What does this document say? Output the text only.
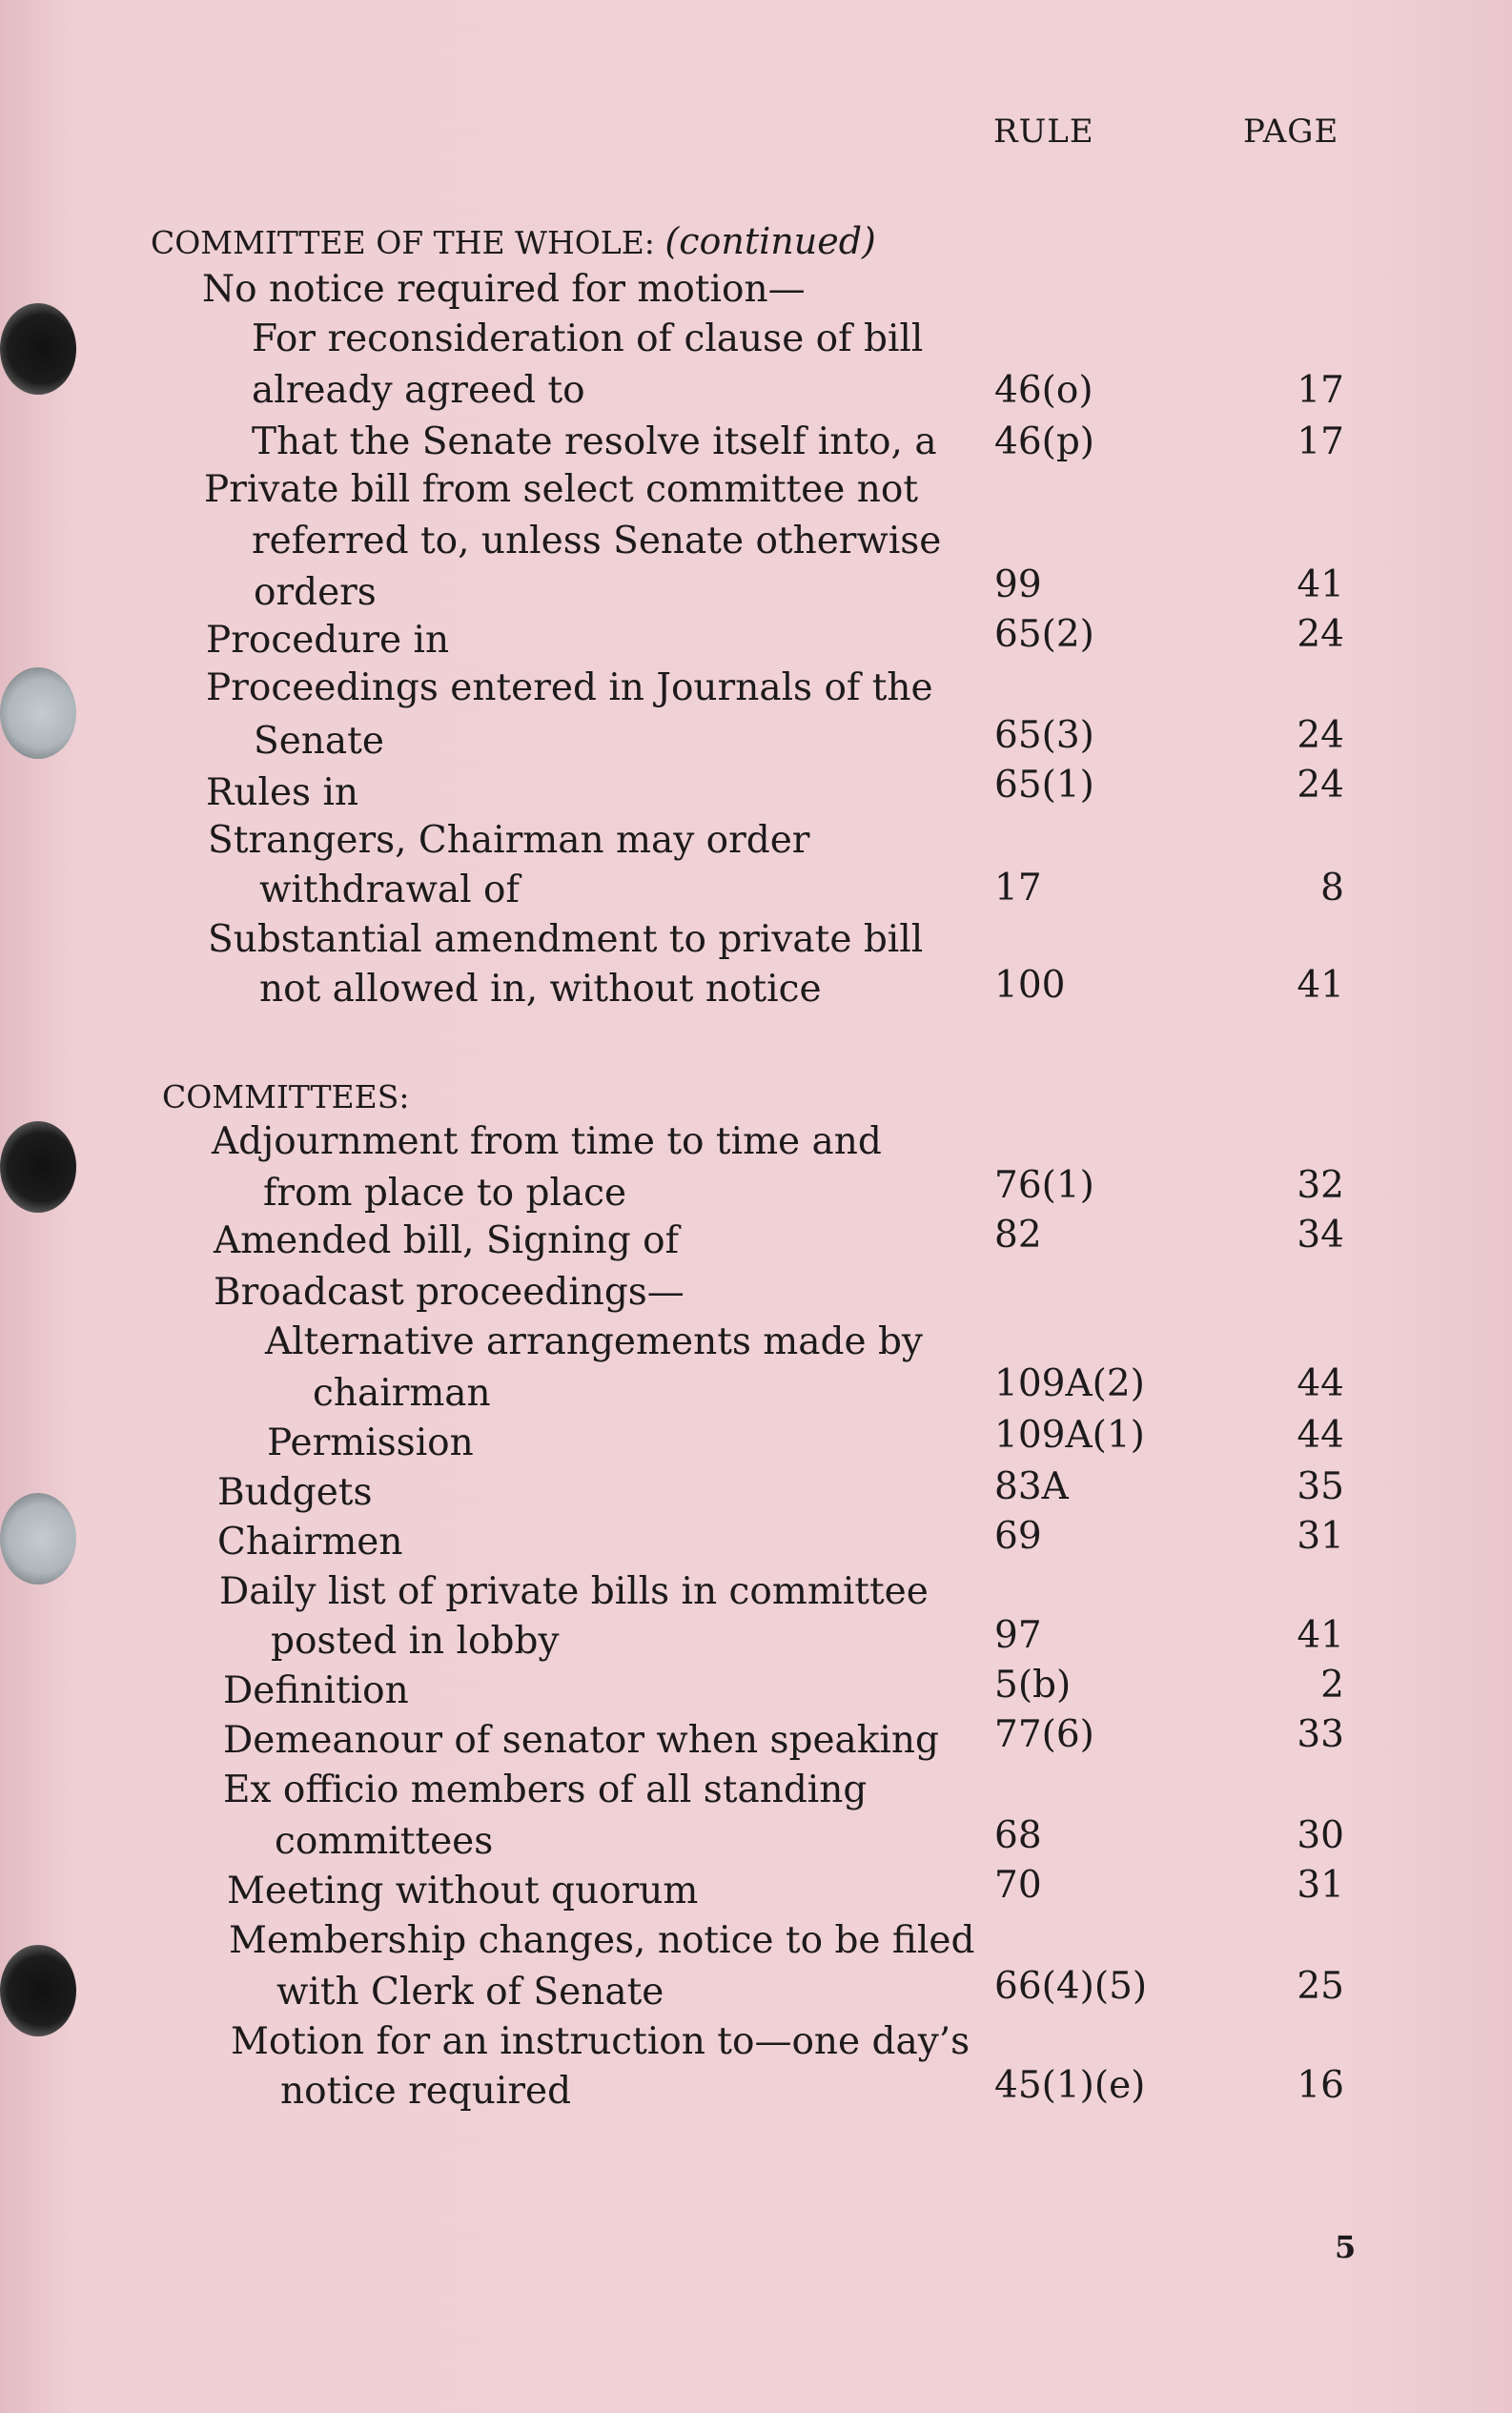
RULE	PAGE
COMMITTEE OF THE WHOLE: (continued)
No notice required for motion—
For reconsideration of clause of bill
already agreed to	46(o)	17
That the Senate resolve itself into, a 46(p)	17
Private bill from select committee not
referred to, unless Senate otherwise
orders	99	41
Procedure in	65(2)	24
Proceedings entered in Journals of the
Senate	65(3)	24
Rules in	65(1)	24
Strangers, Chairman may order
withdrawal of	17	8
Substantial amendment to private bill
not allowed in, without notice	100	41
COMMITTEES:
Adjournment from time to time and
from place to place	76(1)	32
Amended bill, Signing of	82	34
Broadcast proceedings—
Alternative arrangements made by
chairman	109A(2)	44
Permission	109A(1)	44
Budgets	83A	35
Chairmen	69	31
Daily list of private bills in committee
posted in lobby	97	41
Definition	5(b)	2
Demeanour of senator when speaking 77(6)	33
Ex officio members of all standing
committees	68	30
Meeting without quorum	70	31
Membership changes, notice to be filed
with Clerk of Senate	66(4)(5)	25
Motion for an instruction to—one day’s
notice required	45(1)(e)	16
5
